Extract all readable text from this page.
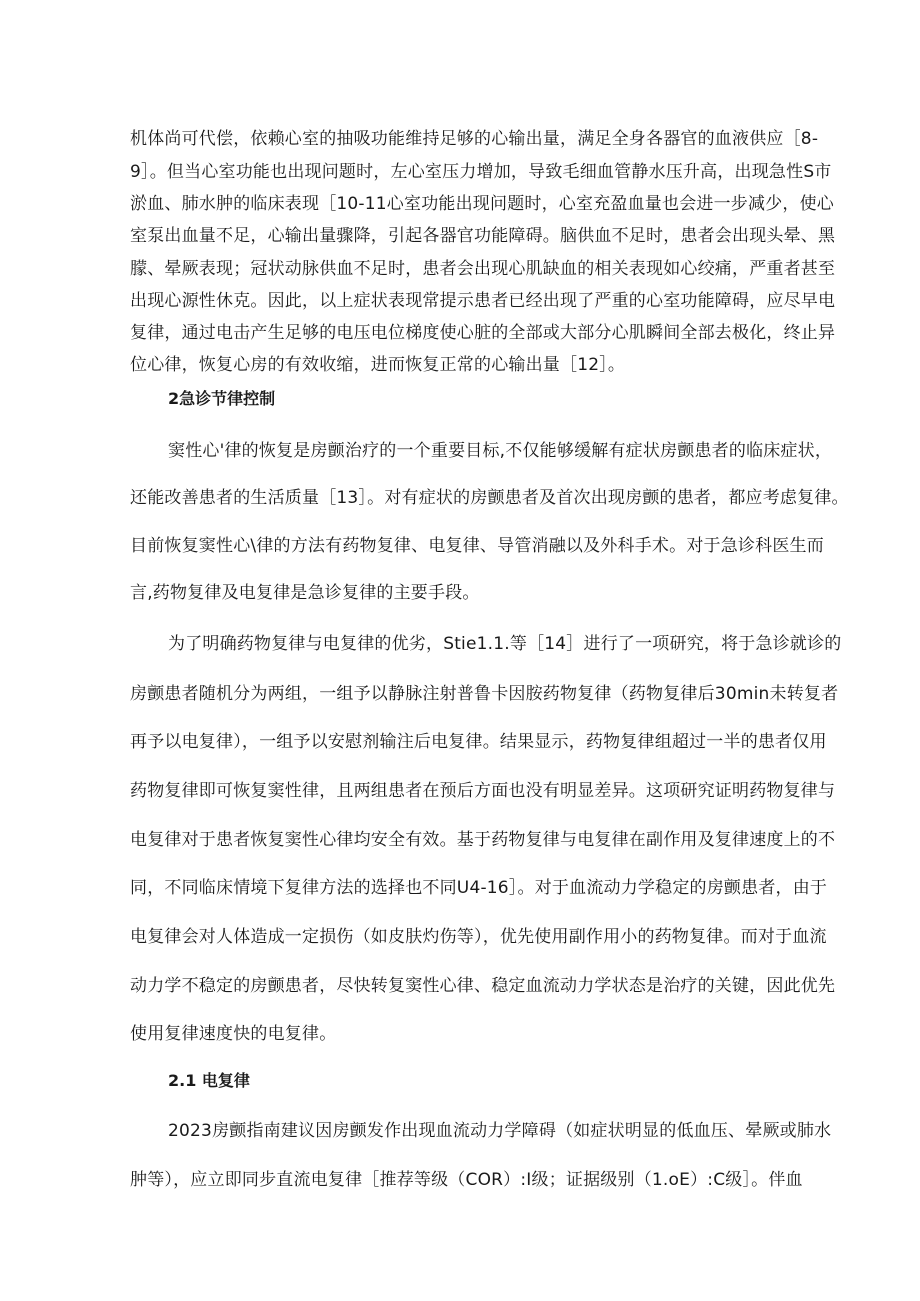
机体尚可代偿，依赖心室的抽吸功能维持足够的心输出量，满足全身各器官的血液供应［8-
9］。但当心室功能也出现问题时，左心室压力增加，导致毛细血管静水压升高，出现急性S市
淤血、肺水肿的临床表现［10-11心室功能出现问题时，心室充盈血量也会进一步减少，使心
室泵出血量不足，心输出量骤降，引起各器官功能障碍。脑供血不足时，患者会出现头晕、黑
朦、晕厥表现；冠状动脉供血不足时，患者会出现心肌缺血的相关表现如心绞痛，严重者甚至
出现心源性休克。因此，以上症状表现常提示患者已经出现了严重的心室功能障碍，应尽早电
复律，通过电击产生足够的电压电位梯度使心脏的全部或大部分心肌瞬间全部去极化，终止异
位心律，恢复心房的有效收缩，进而恢复正常的心输出量［12］。
2急诊节律控制
窦性心'律的恢复是房颤治疗的一个重要目标,不仅能够缓解有症状房颤患者的临床症状，
还能改善患者的生活质量［13］。对有症状的房颤患者及首次出现房颤的患者，都应考虑复律。
目前恢复窦性心\律的方法有药物复律、电复律、导管消融以及外科手术。对于急诊科医生而
言,药物复律及电复律是急诊复律的主要手段。
为了明确药物复律与电复律的优劣，Stie1.1.等［14］进行了一项研究，将于急诊就诊的
房颤患者随机分为两组，一组予以静脉注射普鲁卡因胺药物复律（药物复律后30min未转复者
再予以电复律），一组予以安慰剂输注后电复律。结果显示，药物复律组超过一半的患者仅用
药物复律即可恢复窦性律，且两组患者在预后方面也没有明显差异。这项研究证明药物复律与
电复律对于患者恢复窦性心律均安全有效。基于药物复律与电复律在副作用及复律速度上的不
同，不同临床情境下复律方法的选择也不同U4-16］。对于血流动力学稳定的房颤患者，由于
电复律会对人体造成一定损伤（如皮肤灼伤等），优先使用副作用小的药物复律。而对于血流
动力学不稳定的房颤患者，尽快转复窦性心律、稳定血流动力学状态是治疗的关键，因此优先
使用复律速度快的电复律。
2.1 电复律
2023房颤指南建议因房颤发作出现血流动力学障碍（如症状明显的低血压、晕厥或肺水
肿等），应立即同步直流电复律［推荐等级（COR）:I级；证据级别（1.oE）:C级］。伴血
